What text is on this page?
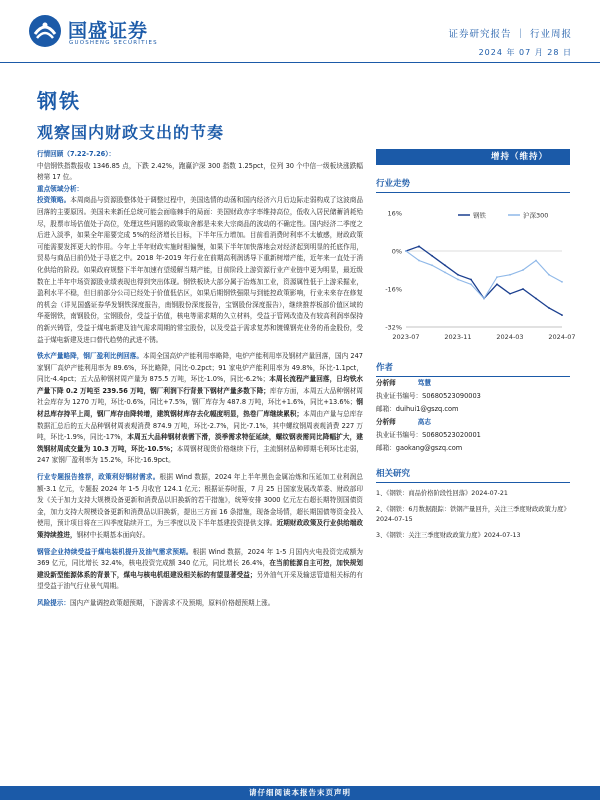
国盛证券
GUOSHENG SECURITIES
证券研究报告 ｜ 行业周报
2024 年 07 月 28 日
钢铁
观察国内财政支出的节奏

行情回顾（7.22-7.26）：

中信钢铁指数报收 1346.85 点，下跌 2.42%，跑赢沪深 300 指数 1.25pct，位列 30 个中信一级板块涨跌幅榜第 17 位。

重点领域分析：

投资策略。本周商品与资源股整体处于调整过程中，美国选情的动荡和国内经济六月后边际走弱构成了这波商品回落的主要原因。美国未来新任总统可能会面临棘手的局面：美国财政赤字率维持高位，低收入居民储蓄消耗殆尽，股票市场估值处于高位，处理这些问题的政策取舍都是未来大宗商品的波动的不确定性。国内经济二季度之后进入淡季，如果全年需要完成 5%的经济增长目标，下半年压力增加。目前看消费时利率不太敏感，财政政策可能需要发挥更大的作用。今年上半年财政实施时相偏慢，如果下半年加快落地会对经济起到明显的托底作用，贸易与商品目前仍处于寻底之中。2018 年-2019 年行业在前期高利润诱导下重新树增产能，近年来一直处于消化供给的阶段。如果政府规整下半年加速有望缓解当期产能，目前阶段上游资源行业产业链中更为明显，最近级数在上半年中场资源股业绩表现也得到突出体现。钢铁板块大部分属于冶炼加工业，资源属性低于上游采掘业，盈利水平不稳，但目前部分公司已经处于价值低估区，如果后期钢铁强限与到能控政策影响，行业未来存在修复的机会（详见国盛证券华发钢铁深度报告，南钢股份深度报告，宝钢股份深度报告），继续推荐板部价值区域的华菱钢铁，南钢股份，宝钢股份，受益于估值，核电等需求期的久立材料，受益于管网改造及有较高利润率保持的新兴铸管，受益于煤电新建及油气需求周期的常宝股份，以及受益于需求复苏和镀镍钢壳业务的甬金股份，受益于煤电新建及进口替代趋势的武进不锈。

铁水产量略降，钢厂盈利比例回落。本周全国高炉产能利用率略降，电炉产能利用率及钢材产量回落，国内 247 家钢厂高炉产能利用率为 89.6%，环比略降，同比-0.2pct；91 家电炉产能利用率为 49.8%，环比-1.1pct，同比-4.4pct；五大品种钢材周产量为 875.5 万吨，环比-1.0%，同比-6.2%；本周长流程产量回落，日均铁水产量下降 0.2 万吨至 239.56 万吨，钢厂利润下行背景下钢材产量多数下降；库存方面，本周五大品种钢材周社会库存为 1270 万吨，环比-0.6%，同比+7.5%，钢厂库存为 487.8 万吨，环比+1.6%，同比+13.6%；钢材总库存持平上周，钢厂库存由降转增，建筑钢材库存去化幅度明显，热卷厂库继续累积；本周由产量与总库存数据汇总后的五大品种钢材周表观消费 874.9 万吨，环比-2.7%，同比-7.1%，其中螺纹钢周表观消费 227 万吨，环比-1.9%，同比-17%，本周五大品种钢材表需下滑，淡季需求特征延续，螺纹钢表需同比降幅扩大，建筑钢材周成交量为 10.3 万吨，环比-10.5%；本周钢材现货价格继续下行，主流钢材品种即期毛利环比走弱，247 家钢厂盈利率为 15.2%，环比-16.9pct。

行业专题报告推荐，政策利好钢材需求。根据 Wind 数据，2024 年上半年黑色金属冶炼和压延加工业利润总额-3.1 亿元，专题报 2024 年 1-5 月收官 124.1 亿元；根据证券时报，7 月 25 日国家发展改革委、财政部印发《关于加力支持大规模设备更新和消费品以旧换新的若干措施》，统筹安排 3000 亿元左右超长期特别国债资金，加力支持大规模设备更新和消费品以旧换新，提出三方面 16 条措施，现备金场情，超长期国债等资金投入使用，预计项目将在三四季度陆续开工，为三季度以及下半年基建投资提供支撑。近期财政政策及行业供给端政策持续推进，钢材中长期基本面向好。

钢管企业持续受益于煤电装机提升及油气需求预期。根据 Wind 数据，2024 年 1-5 月国内火电投资完成额为 369 亿元，同比增长 32.4%，核电投资完成额 340 亿元，同比增长 26.4%，在当前能源自主可控，加快规划建设新型能源体系的背景下，煤电与核电机组建设相关标的有望显著受益；另外油气开采及输送管道相关标的有望受益于油气行业景气周期。

风险提示：国内产量调控政策超预期，下游需求不及预期，原料价格超预期上涨。

增持（维持）
行业走势
16%
0%
-16%
-32%
2023-07	2023-11	2024-03	2024-07
钢铁	沪深300
作者
分析师	笃慧
执业证书编号：S0680523090003
邮箱：duihui1@gszq.com
分析师	高志
执业证书编号：S0680523020001
邮箱：gaokang@gszq.com
相关研究

1、《钢铁：商品价格阶段性回落》2024-07-21

2、《钢铁：6月数据跟踪：铁钢产量回升，关注三季度财政政策力度》2024-07-15

3、《钢铁：关注三季度财政政策力度》2024-07-13

请仔细阅读本报告末页声明
